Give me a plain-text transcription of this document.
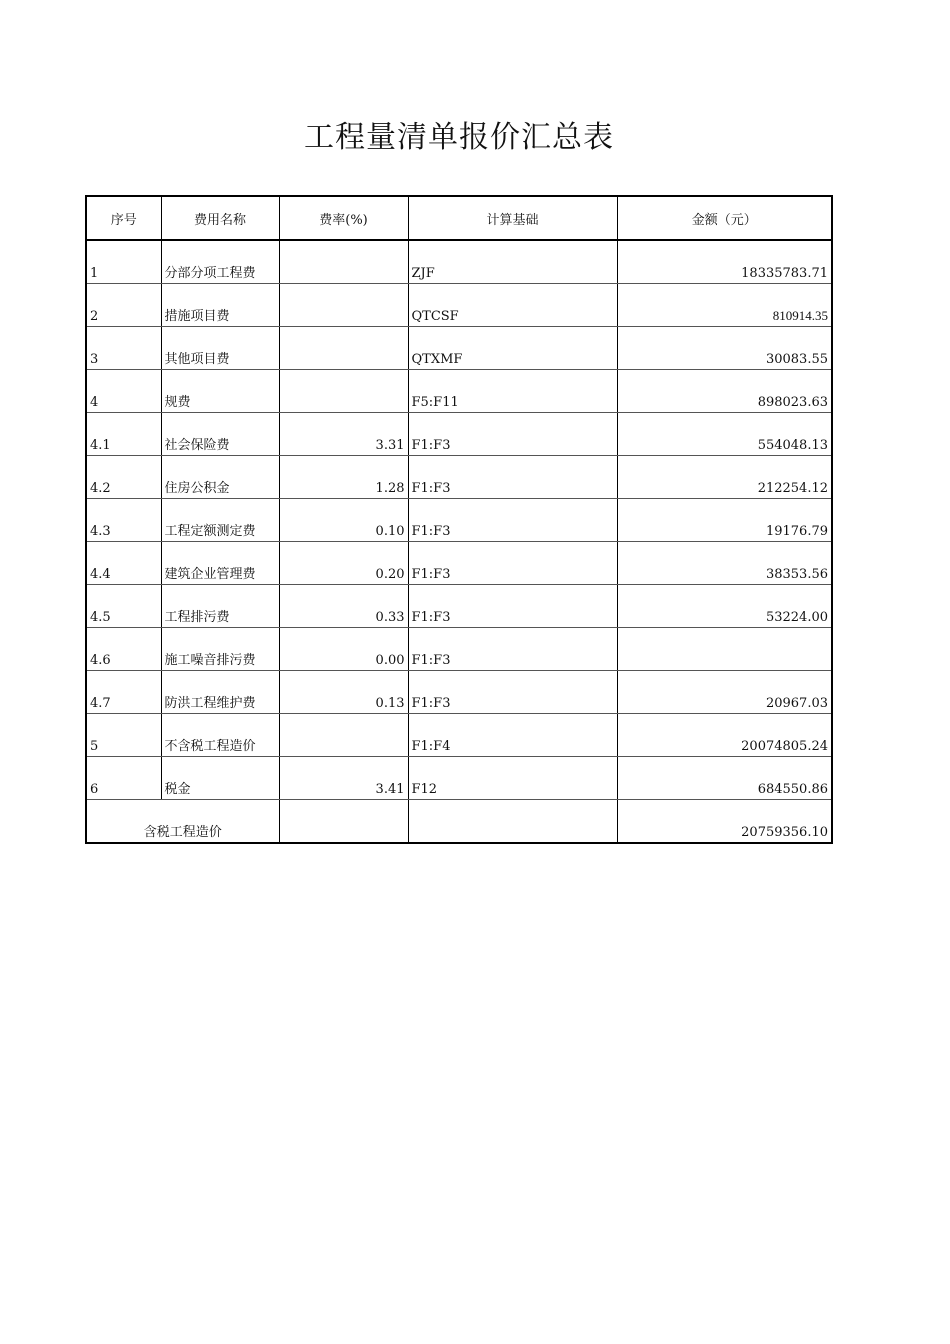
工程量清单报价汇总表
序号	费用名称	费率(%)	计算基础	金额（元）
1	分部分项工程费		ZJF	18335783.71
2	措施项目费		QTCSF	810914.35
3	其他项目费		QTXMF	30083.55
4	规费		F5:F11	898023.63
4.1	社会保险费	3.31	F1:F3	554048.13
4.2	住房公积金	1.28	F1:F3	212254.12
4.3	工程定额测定费	0.10	F1:F3	19176.79
4.4	建筑企业管理费	0.20	F1:F3	38353.56
4.5	工程排污费	0.33	F1:F3	53224.00
4.6	施工噪音排污费	0.00	F1:F3	
4.7	防洪工程维护费	0.13	F1:F3	20967.03
5	不含税工程造价		F1:F4	20074805.24
6	税金	3.41	F12	684550.86
含税工程造价				20759356.10
